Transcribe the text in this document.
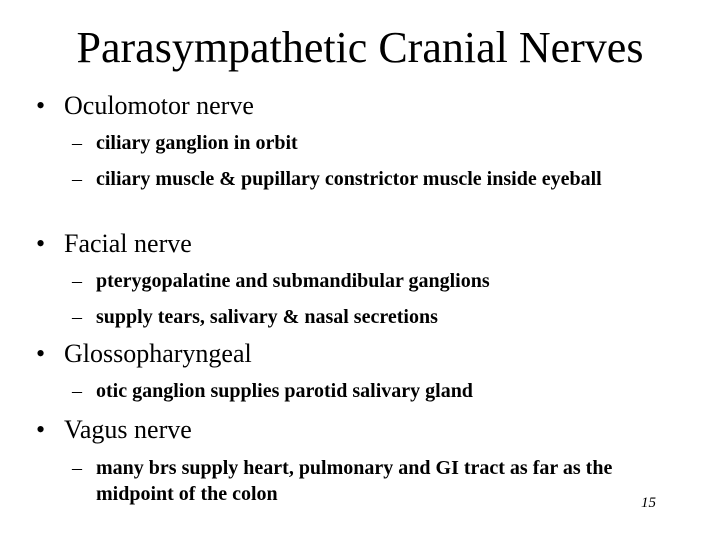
Parasympathetic Cranial Nerves
• Oculomotor nerve
– ciliary ganglion in orbit
– ciliary muscle & pupillary constrictor muscle inside eyeball
• Facial nerve
– pterygopalatine and submandibular ganglions
– supply tears, salivary & nasal secretions
• Glossopharyngeal
– otic ganglion supplies parotid salivary gland
• Vagus nerve
– many brs supply heart, pulmonary and GI tract as far as the midpoint of the colon	15
